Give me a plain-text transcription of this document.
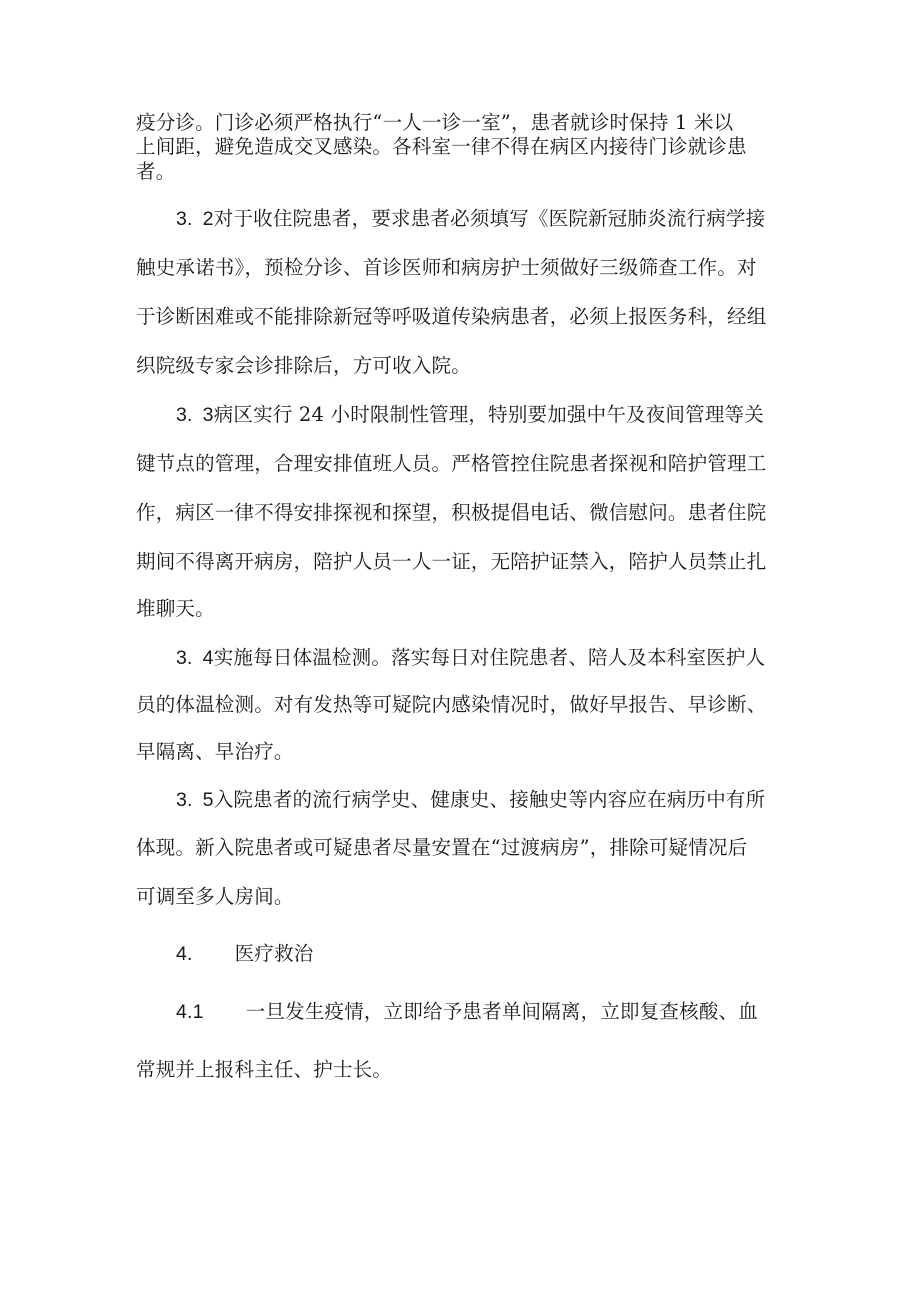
疫分诊。门诊必须严格执行“一人一诊一室”，患者就诊时保持 1 米以
上间距，避免造成交叉感染。各科室一律不得在病区内接待门诊就诊患
者。
3. 2对于收住院患者，要求患者必须填写《医院新冠肺炎流行病学接
触史承诺书》，预检分诊、首诊医师和病房护士须做好三级筛查工作。对
于诊断困难或不能排除新冠等呼吸道传染病患者，必须上报医务科，经组
织院级专家会诊排除后，方可收入院。
3. 3病区实行 24 小时限制性管理，特别要加强中午及夜间管理等关
键节点的管理，合理安排值班人员。严格管控住院患者探视和陪护管理工
作，病区一律不得安排探视和探望，积极提倡电话、微信慰问。患者住院
期间不得离开病房，陪护人员一人一证，无陪护证禁入，陪护人员禁止扎
堆聊天。
3. 4实施每日体温检测。落实每日对住院患者、陪人及本科室医护人
员的体温检测。对有发热等可疑院内感染情况时，做好早报告、早诊断、
早隔离、早治疗。
3. 5入院患者的流行病学史、健康史、接触史等内容应在病历中有所
体现。新入院患者或可疑患者尽量安置在“过渡病房”，排除可疑情况后
可调至多人房间。
4. 医疗救治
4.1 一旦发生疫情，立即给予患者单间隔离，立即复查核酸、血
常规并上报科主任、护士长。
